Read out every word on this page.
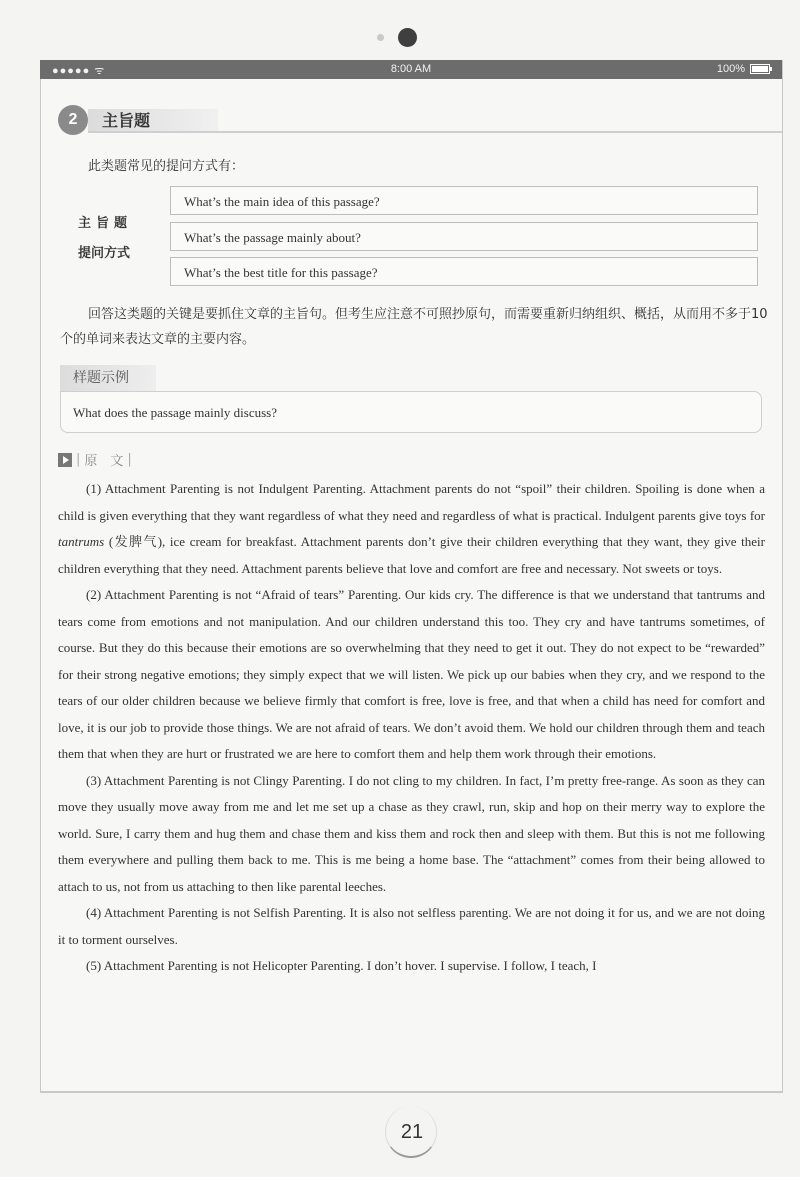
●●●●● ᯤ	8:00 AM	100%
2	主旨题
此类题常见的提问方式有：
主旨题
提问方式
What’s the main idea of this passage?
What’s the passage mainly about?
What’s the best title for this passage?
回答这类题的关键是要抓住文章的主旨句。但考生应注意不可照抄原句，而需要重新归纳组织、概括，从而用不多于10个的单词来表达文章的主要内容。
样题示例
What does the passage mainly discuss?
| 原　文 |

(1) Attachment Parenting is not Indulgent Parenting. Attachment parents do not “spoil” their children. Spoiling is done when a child is given everything that they want regardless of what they need and regardless of what is practical. Indulgent parents give toys for tantrums (发脾气), ice cream for breakfast. Attachment parents don’t give their children everything that they want, they give their children everything that they need. Attachment parents believe that love and comfort are free and necessary. Not sweets or toys.

(2) Attachment Parenting is not “Afraid of tears” Parenting. Our kids cry. The difference is that we understand that tantrums and tears come from emotions and not manipulation. And our children understand this too. They cry and have tantrums sometimes, of course. But they do this because their emotions are so overwhelming that they need to get it out. They do not expect to be “rewarded” for their strong negative emotions; they simply expect that we will listen. We pick up our babies when they cry, and we respond to the tears of our older children because we believe firmly that comfort is free, love is free, and that when a child has need for comfort and love, it is our job to provide those things. We are not afraid of tears. We don’t avoid them. We hold our children through them and teach them that when they are hurt or frustrated we are here to comfort them and help them work through their emotions.

(3) Attachment Parenting is not Clingy Parenting. I do not cling to my children. In fact, I’m pretty free-range. As soon as they can move they usually move away from me and let me set up a chase as they crawl, run, skip and hop on their merry way to explore the world. Sure, I carry them and hug them and chase them and kiss them and rock then and sleep with them. But this is not me following them everywhere and pulling them back to me. This is me being a home base. The “attachment” comes from their being allowed to attach to us, not from us attaching to then like parental leeches.

(4) Attachment Parenting is not Selfish Parenting. It is also not selfless parenting. We are not doing it for us, and we are not doing it to torment ourselves.

(5) Attachment Parenting is not Helicopter Parenting. I don’t hover. I supervise. I follow, I teach, I

21
